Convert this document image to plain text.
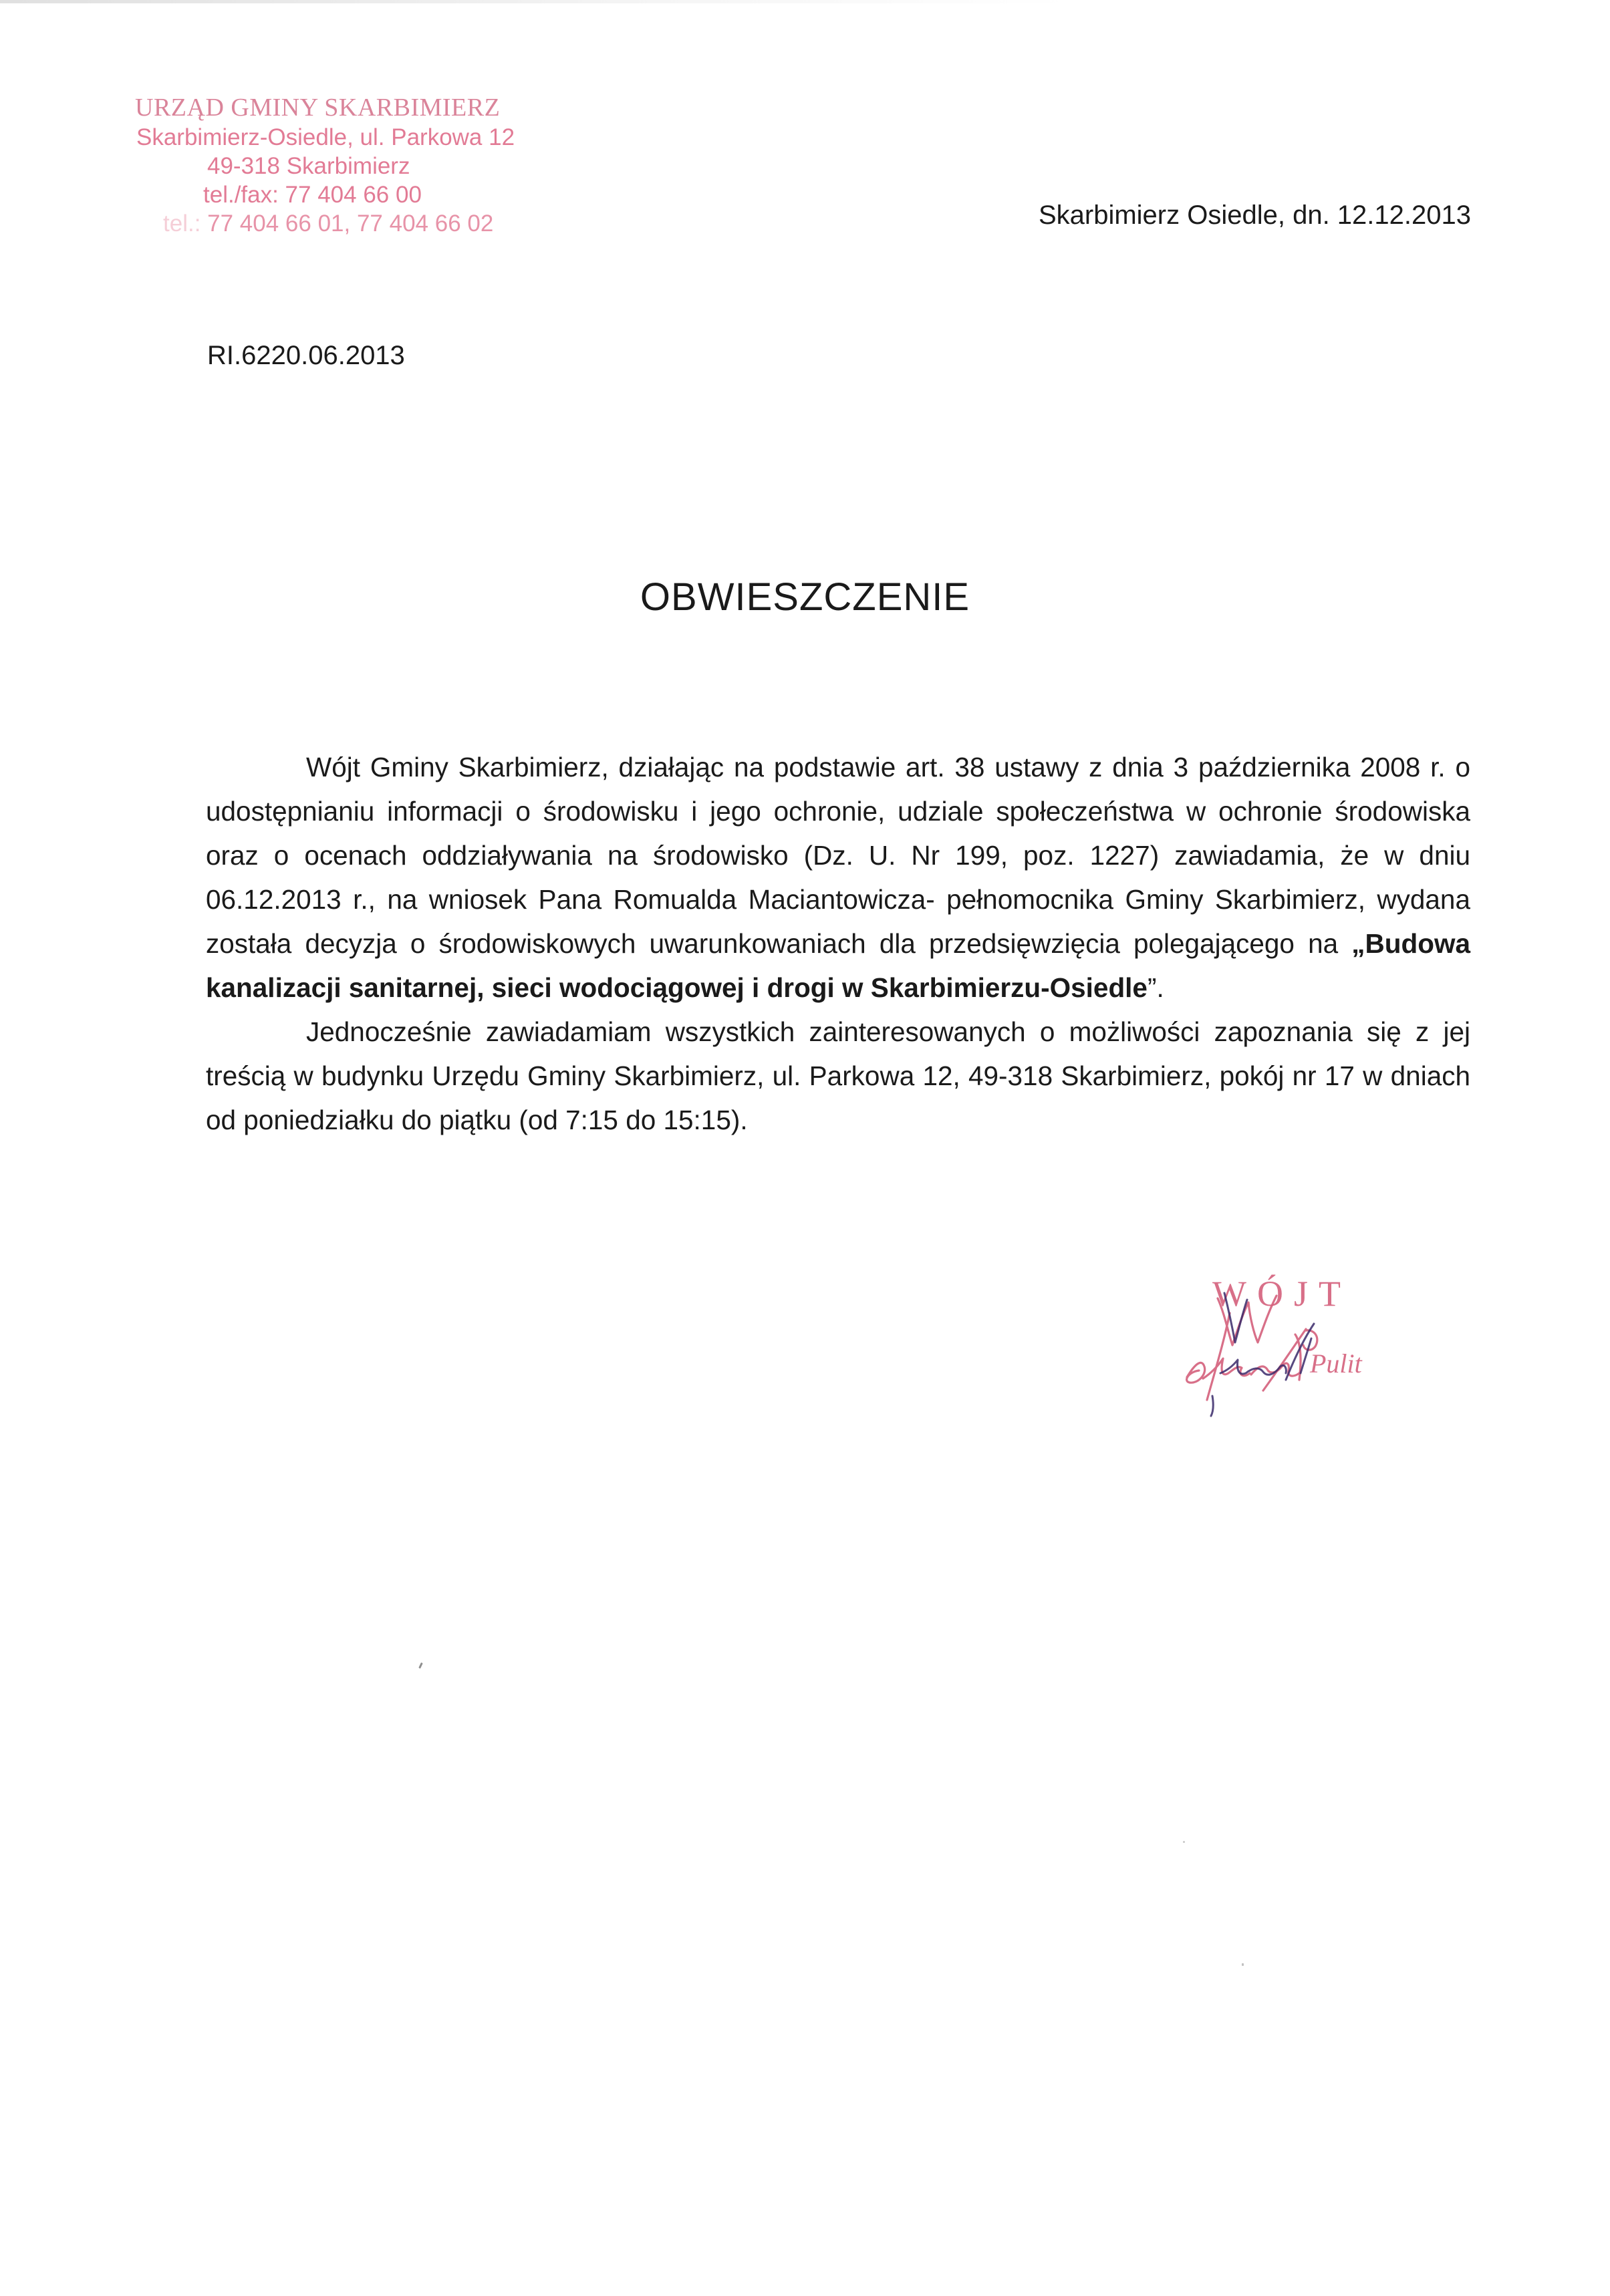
URZĄD GMINY SKARBIMIERZ
Skarbimierz-Osiedle, ul. Parkowa 12
49-318 Skarbimierz
tel./fax: 77 404 66 00
tel.: 77 404 66 01, 77 404 66 02	Skarbimierz Osiedle, dn. 12.12.2013
RI.6220.06.2013
OBWIESZCZENIE

Wójt Gminy Skarbimierz, działając na podstawie art. 38 ustawy z dnia 3 października 2008 r. o udostępnianiu informacji o środowisku i jego ochronie, udziale społeczeństwa w ochronie środowiska oraz o ocenach oddziaływania na środowisko (Dz. U. Nr 199, poz. 1227) zawiadamia, że w dniu 06.12.2013 r., na wniosek Pana Romualda Maciantowicza- pełnomocnika Gminy Skarbimierz, wydana została decyzja o środowiskowych uwarunkowaniach dla przedsięwzięcia polegającego na „Budowa kanalizacji sanitarnej, sieci wodociągowej i drogi w Skarbimierzu-Osiedle”.

Jednocześnie zawiadamiam wszystkich zainteresowanych o możliwości zapoznania się z jej treścią w budynku Urzędu Gminy Skarbimierz, ul. Parkowa 12, 49-318 Skarbimierz, pokój nr 17 w dniach od poniedziałku do piątku (od 7:15 do 15:15).

WÓJT
Pulit
